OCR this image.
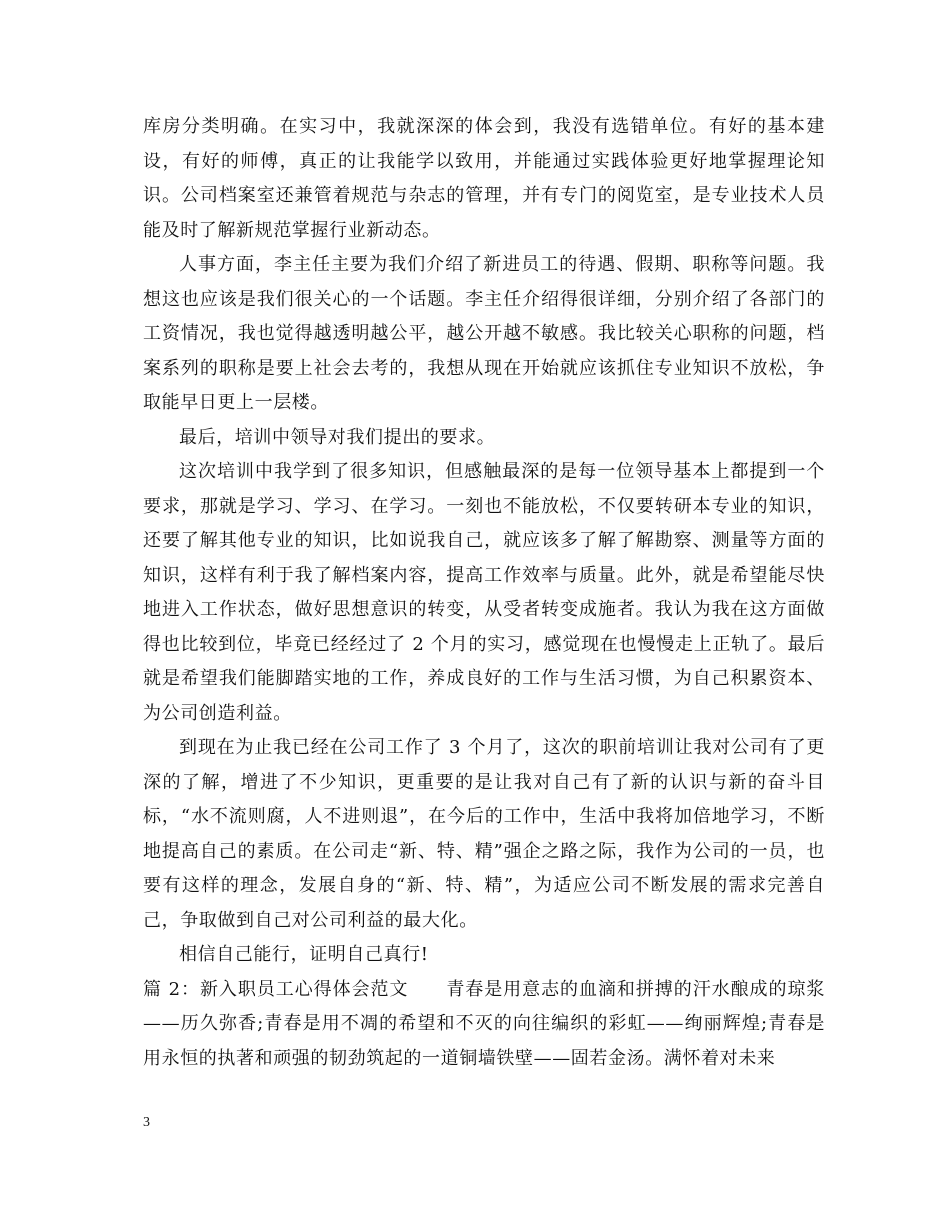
库房分类明确。在实习中，我就深深的体会到，我没有选错单位。有好的基本建设，有好的师傅，真正的让我能学以致用，并能通过实践体验更好地掌握理论知识。公司档案室还兼管着规范与杂志的管理，并有专门的阅览室，是专业技术人员能及时了解新规范掌握行业新动态。

人事方面，李主任主要为我们介绍了新进员工的待遇、假期、职称等问题。我想这也应该是我们很关心的一个话题。李主任介绍得很详细，分别介绍了各部门的工资情况，我也觉得越透明越公平，越公开越不敏感。我比较关心职称的问题，档案系列的职称是要上社会去考的，我想从现在开始就应该抓住专业知识不放松，争取能早日更上一层楼。

最后，培训中领导对我们提出的要求。

这次培训中我学到了很多知识，但感触最深的是每一位领导基本上都提到一个要求，那就是学习、学习、在学习。一刻也不能放松，不仅要转研本专业的知识，还要了解其他专业的知识，比如说我自己，就应该多了解了解勘察、测量等方面的知识，这样有利于我了解档案内容，提高工作效率与质量。此外，就是希望能尽快地进入工作状态，做好思想意识的转变，从受者转变成施者。我认为我在这方面做得也比较到位，毕竟已经经过了 2 个月的实习，感觉现在也慢慢走上正轨了。最后就是希望我们能脚踏实地的工作，养成良好的工作与生活习惯，为自己积累资本、为公司创造利益。

到现在为止我已经在公司工作了 3 个月了，这次的职前培训让我对公司有了更深的了解，增进了不少知识，更重要的是让我对自己有了新的认识与新的奋斗目标，“水不流则腐，人不进则退”，在今后的工作中，生活中我将加倍地学习，不断地提高自己的素质。在公司走“新、特、精”强企之路之际，我作为公司的一员，也要有这样的理念，发展自身的“新、特、精”，为适应公司不断发展的需求完善自己，争取做到自己对公司利益的最大化。

相信自己能行，证明自己真行!

篇 2：新入职员工心得体会范文　　青春是用意志的血滴和拼搏的汗水酿成的琼浆——历久弥香;青春是用不凋的希望和不灭的向往编织的彩虹——绚丽辉煌;青春是用永恒的执著和顽强的韧劲筑起的一道铜墙铁壁——固若金汤。满怀着对未来

3
